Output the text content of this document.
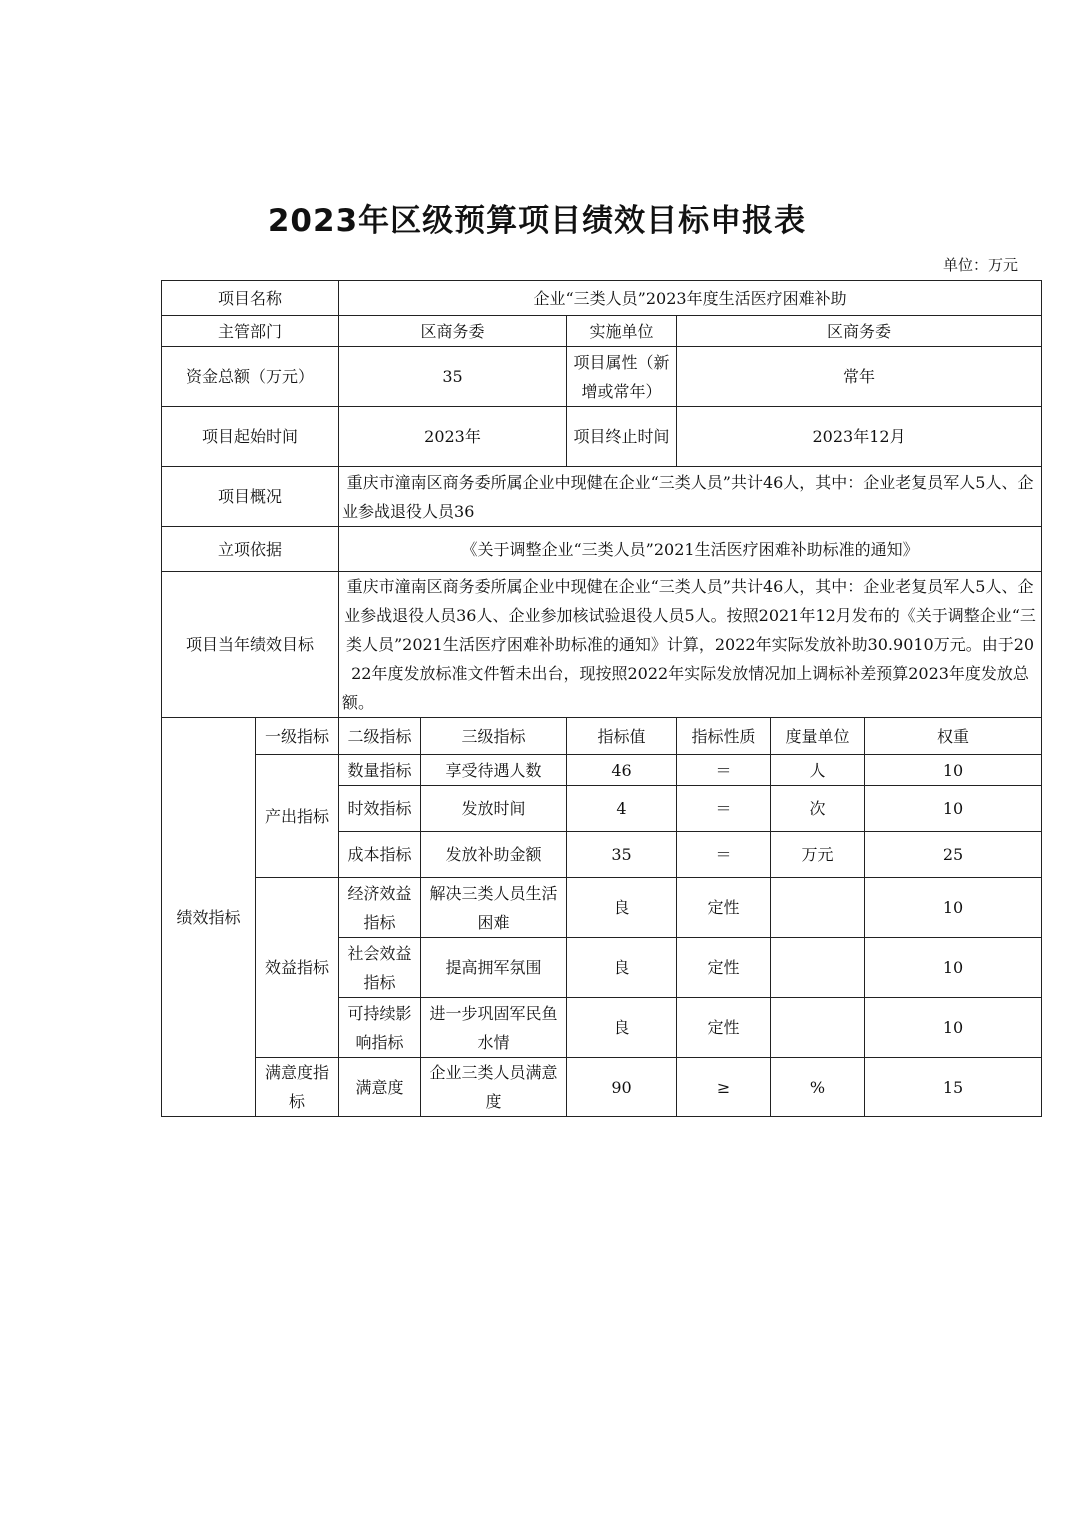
2023年区级预算项目绩效目标申报表
单位：万元
项目名称		企业“三类人员”2023年度生活医疗困难补助					
主管部门		区商务委		实施单位	区商务委		
资金总额（万元）		35		项目属性（新增或常年）	常年		
项目起始时间		2023年		项目终止时间	2023年12月		
项目概况		重庆市潼南区商务委所属企业中现健在企业“三类人员”共计46人，其中：企业老复员军人5人、企业参战退役人员36					
立项依据		《关于调整企业“三类人员”2021生活医疗困难补助标准的通知》					
项目当年绩效目标		重庆市潼南区商务委所属企业中现健在企业“三类人员”共计46人，其中：企业老复员军人5人、企业参战退役人员36人、企业参加核试验退役人员5人。按照2021年12月发布的《关于调整企业“三类人员”2021生活医疗困难补助标准的通知》计算，2022年实际发放补助30.9010万元。由于2022年度发放标准文件暂未出台，现按照2022年实际发放情况加上调标补差预算2023年度发放总额。					
绩效指标	一级指标	二级指标	三级指标	指标值	指标性质	度量单位	权重
	产出指标	数量指标	享受待遇人数	46	＝	人	10
		时效指标	发放时间	4	＝	次	10
		成本指标	发放补助金额	35	＝	万元	25
	效益指标	经济效益指标	解决三类人员生活困难	良	定性		10
		社会效益指标	提高拥军氛围	良	定性		10
		可持续影响指标	进一步巩固军民鱼水情	良	定性		10
	满意度指标	满意度	企业三类人员满意度	90	≥	%	15
